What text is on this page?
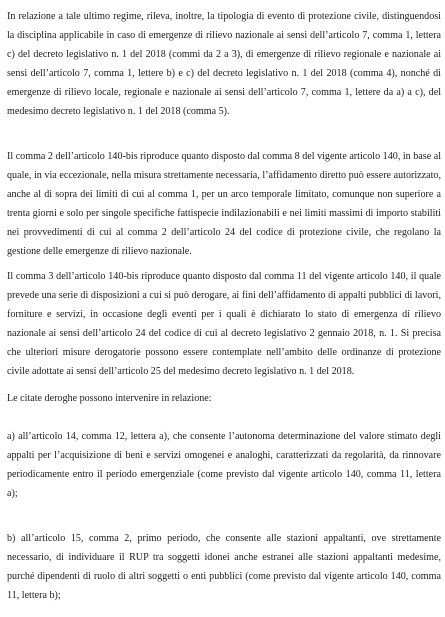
In relazione a tale ultimo regime, rileva, inoltre, la tipologia di evento di protezione civile, distinguendosi la disciplina applicabile in caso di emergenze di rilievo nazionale ai sensi dell’articolo 7, comma 1, lettera c) del decreto legislativo n. 1 del 2018 (commi da 2 a 3), di emergenze di rilievo regionale e nazionale ai sensi dell’articolo 7, comma 1, lettere b) e c) del decreto legislativo n. 1 del 2018 (comma 4), nonché di emergenze di rilievo locale, regionale e nazionale ai sensi dell’articolo 7, comma 1, lettere da a) a c), del medesimo decreto legislativo n. 1 del 2018 (comma 5).

Il comma 2 dell’articolo 140-bis riproduce quanto disposto dal comma 8 del vigente articolo 140, in base al quale, in via eccezionale, nella misura strettamente necessaria, l’affidamento diretto può essere autorizzato, anche al di sopra dei limiti di cui al comma 1, per un arco temporale limitato, comunque non superiore a trenta giorni e solo per singole specifiche fattispecie indilazionabili e nei limiti massimi di importo stabiliti nei provvedimenti di cui al comma 2 dell’articolo 24 del codice di protezione civile, che regolano la gestione delle emergenze di rilievo nazionale.

Il comma 3 dell’articolo 140-bis riproduce quanto disposto dal comma 11 del vigente articolo 140, il quale prevede una serie di disposizioni a cui si può derogare, ai fini dell’affidamento di appalti pubblici di lavori, forniture e servizi, in occasione degli eventi per i quali è dichiarato lo stato di emergenza di rilievo nazionale ai sensi dell’articolo 24 del codice di cui al decreto legislativo 2 gennaio 2018, n. 1. Si precisa che ulteriori misure derogatorie possono essere contemplate nell’ambito delle ordinanze di protezione civile adottate ai sensi dell’articolo 25 del medesimo decreto legislativo n. 1 del 2018.

Le citate deroghe possono intervenire in relazione:

a) all’articolo 14, comma 12, lettera a), che consente l’autonoma determinazione del valore stimato degli appalti per l’acquisizione di beni e servizi omogenei e analoghi, caratterizzati da regolarità, da rinnovare periodicamente entro il periodo emergenziale (come previsto dal vigente articolo 140, comma 11, lettera a);

b) all’articolo 15, comma 2, primo periodo, che consente alle stazioni appaltanti, ove strettamente necessario, di individuare il RUP tra soggetti idonei anche estranei alle stazioni appaltanti medesime, purché dipendenti di ruolo di altri soggetti o enti pubblici (come previsto dal vigente articolo 140, comma 11, lettera b);
